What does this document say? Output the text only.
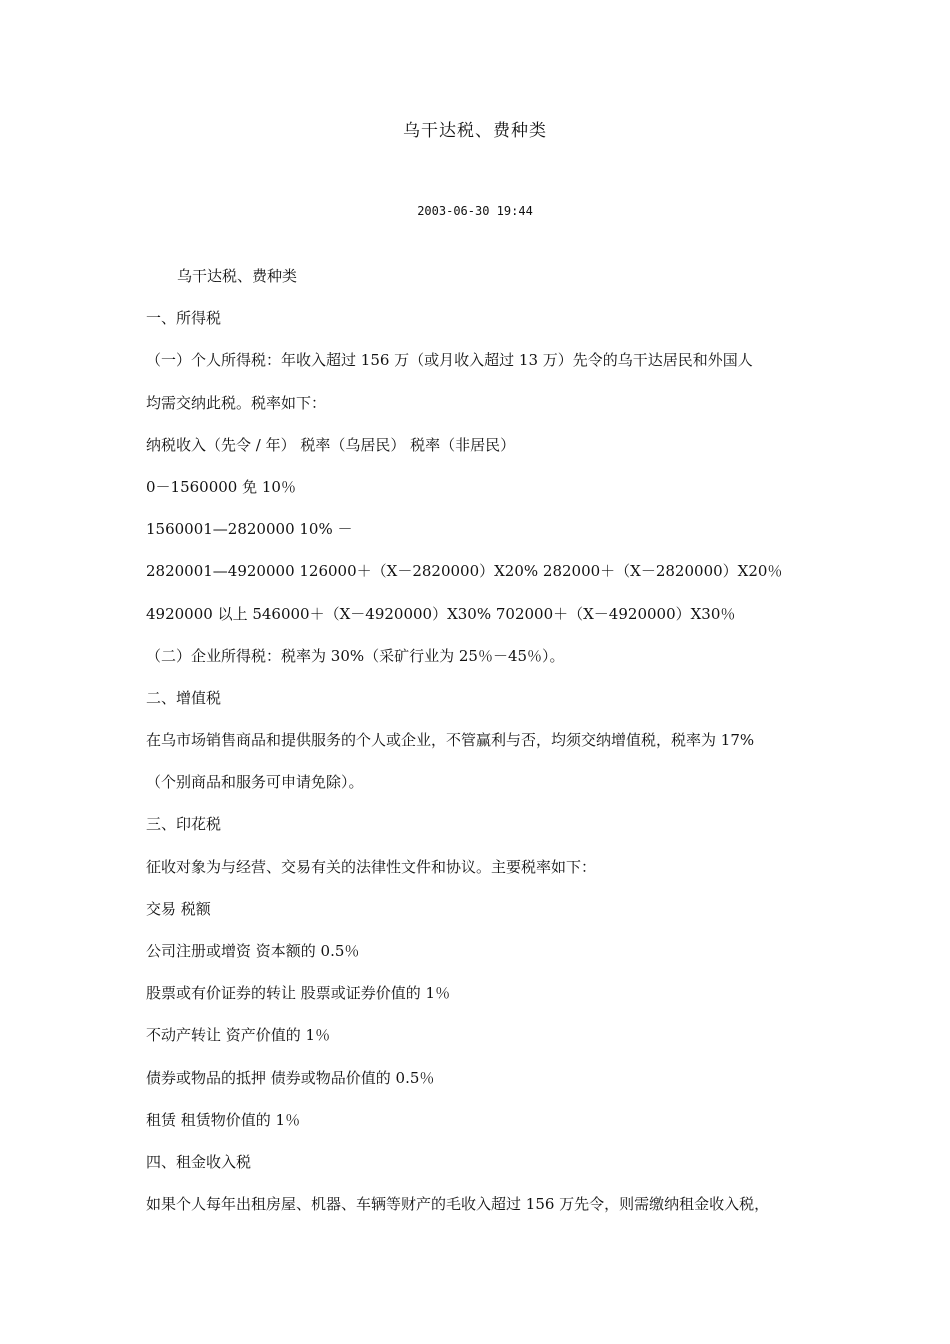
乌干达税、费种类
2003-06-30 19:44
乌干达税、费种类
一、所得税
（一）个人所得税：年收入超过 156 万（或月收入超过 13 万）先令的乌干达居民和外国人
均需交纳此税。税率如下：
纳税收入（先令 / 年） 税率（乌居民） 税率（非居民）
0－1560000 免 10％
1560001—2820000 10% －
2820001—4920000 126000＋（X－2820000）X20% 282000＋（X－2820000）X20％
4920000 以上 546000＋（X－4920000）X30% 702000＋（X－4920000）X30％
（二）企业所得税：税率为 30%（采矿行业为 25％－45％）。
二、增值税
在乌市场销售商品和提供服务的个人或企业，不管赢利与否，均须交纳增值税，税率为 17%
（个别商品和服务可申请免除）。
三、印花税
征收对象为与经营、交易有关的法律性文件和协议。主要税率如下：
交易 税额
公司注册或增资 资本额的 0.5％
股票或有价证券的转让 股票或证券价值的 1％
不动产转让 资产价值的 1％
债券或物品的抵押 债券或物品价值的 0.5％
租赁 租赁物价值的 1％
四、租金收入税
如果个人每年出租房屋、机器、车辆等财产的毛收入超过 156 万先令，则需缴纳租金收入税，
